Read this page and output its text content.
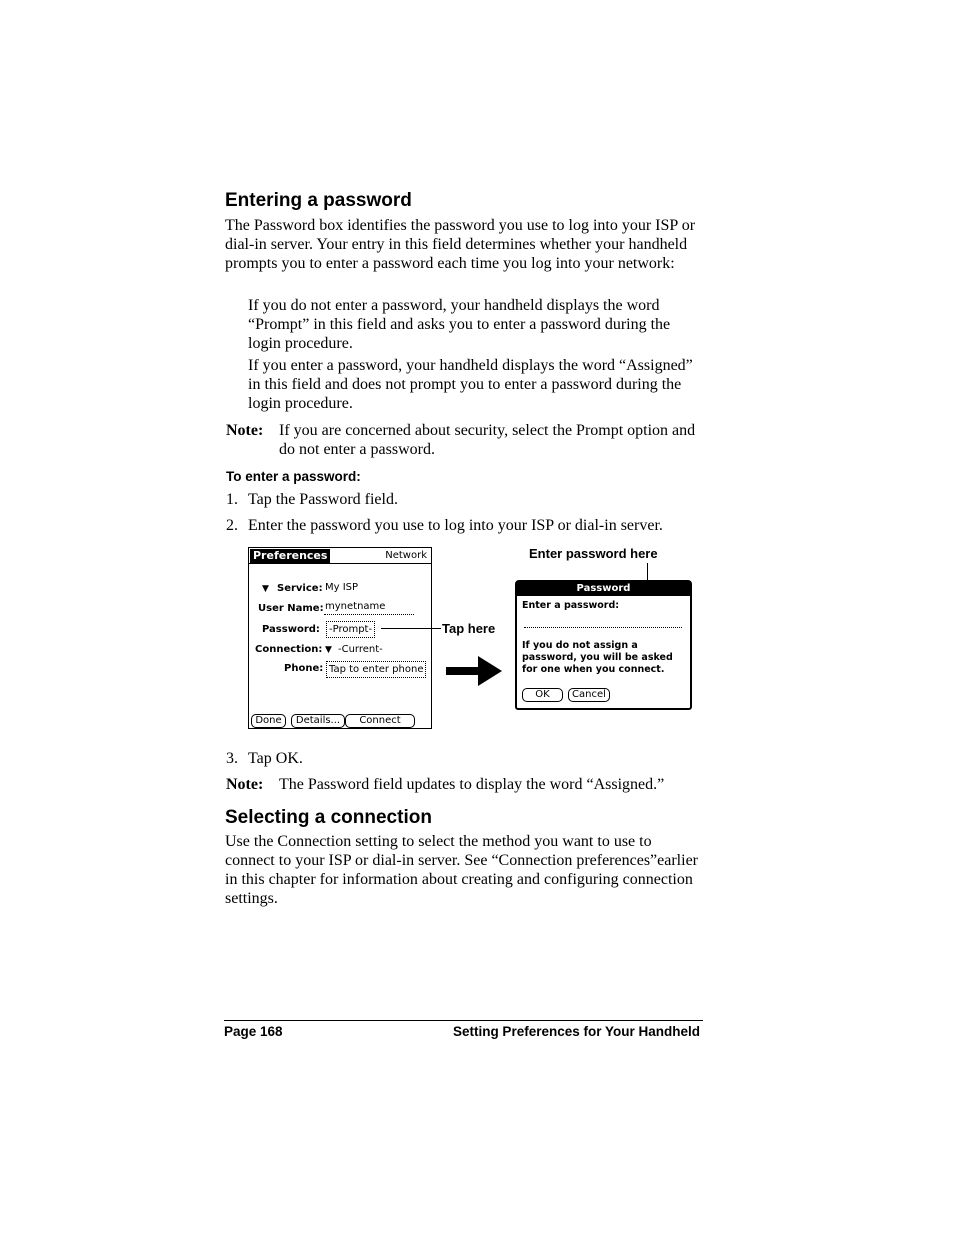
Entering a password
The Password box identifies the password you use to log into your ISP or dial-in server. Your entry in this field determines whether your handheld prompts you to enter a password each time you log into your network:
If you do not enter a password, your handheld displays the word “Prompt” in this field and asks you to enter a password during the login procedure.
If you enter a password, your handheld displays the word “Assigned” in this field and does not prompt you to enter a password during the login procedure.
Note: If you are concerned about security, select the Prompt option and do not enter a password.
To enter a password:
1. Tap the Password field.
2. Enter the password you use to log into your ISP or dial-in server.
Preferences	Network
▼ Service: My ISP
User Name: mynetname
Password: -Prompt-
Connection: ▼ -Current-
Phone: Tap to enter phone
Done	Details...	Connect
Tap here
Enter password here
Password
Enter a password:
If you do not assign a password, you will be asked for one when you connect.
OK	Cancel
3. Tap OK.
Note: The Password field updates to display the word “Assigned.”
Selecting a connection
Use the Connection setting to select the method you want to use to connect to your ISP or dial-in server. See “Connection preferences”earlier in this chapter for information about creating and configuring connection settings.
Page 168	Setting Preferences for Your Handheld
